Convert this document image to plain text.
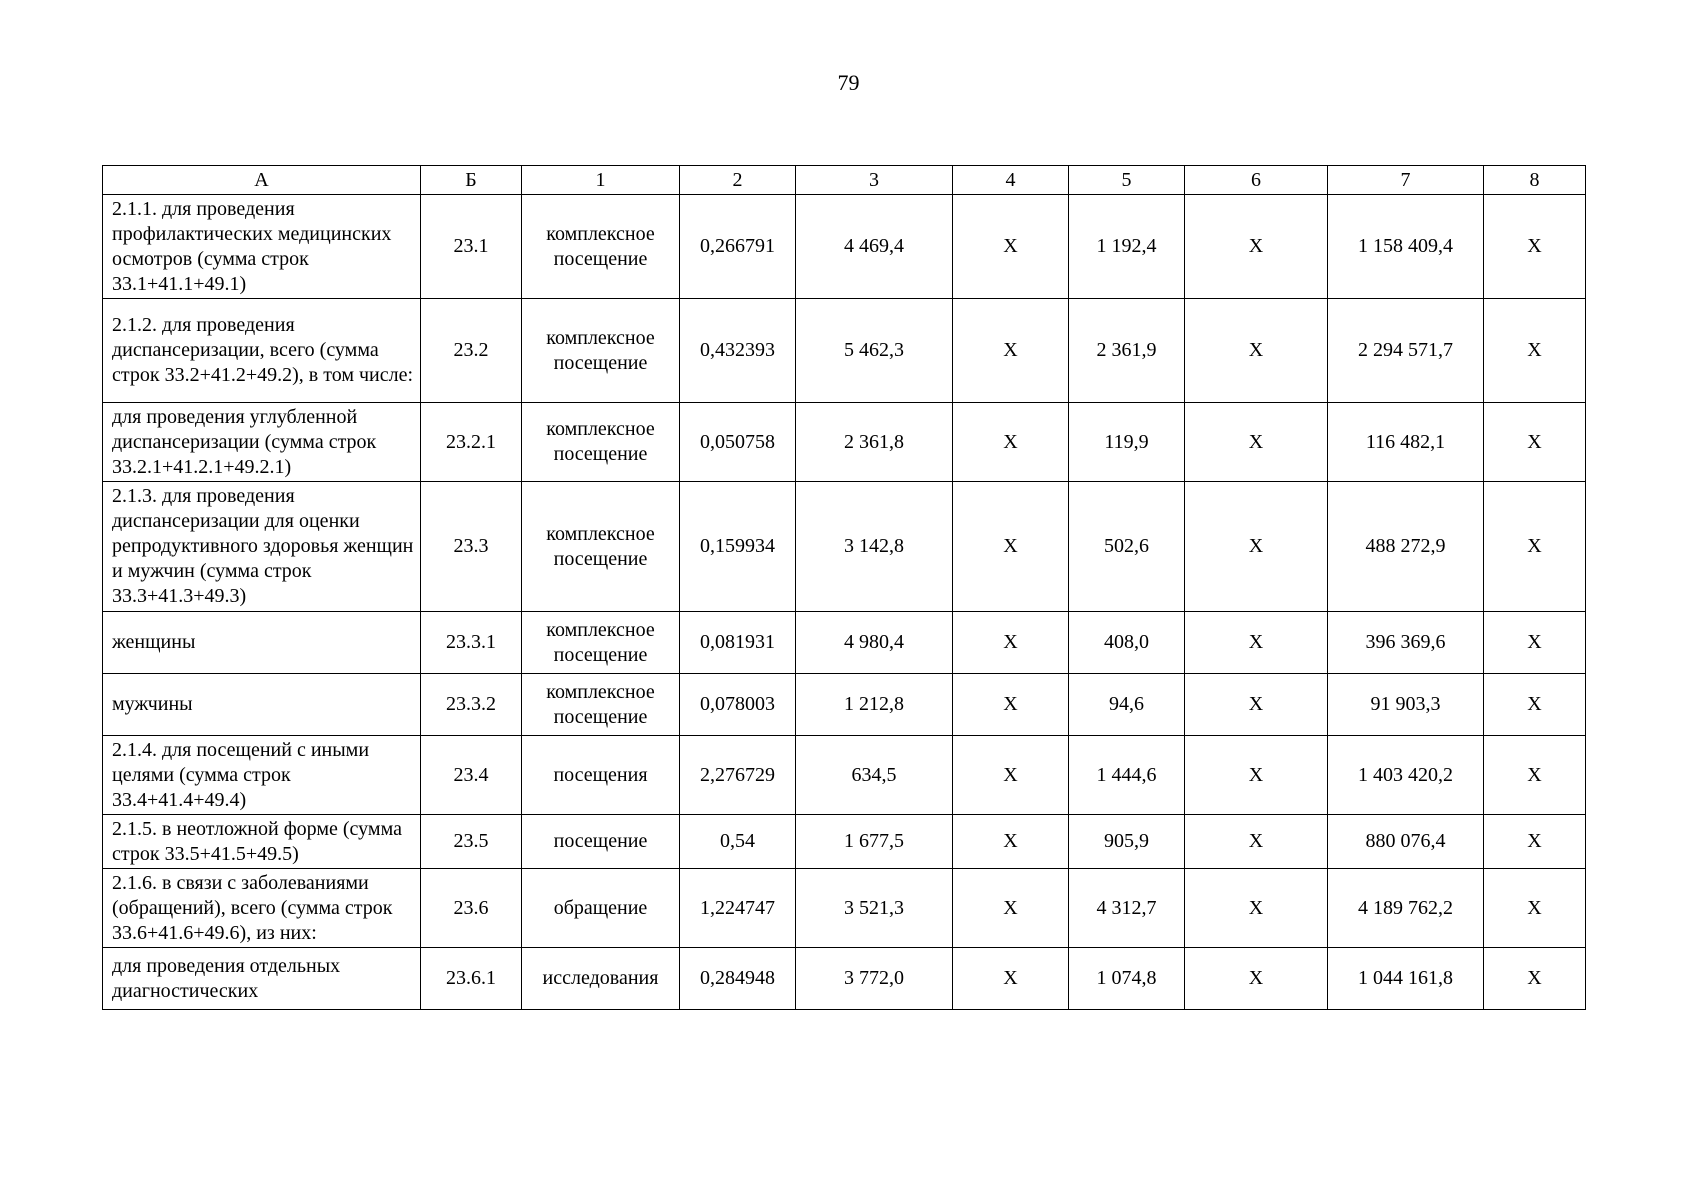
79
А	Б	1	2	3	4	5	6	7	8
2.1.1. для проведения профилактических медицинских осмотров (сумма строк 33.1+41.1+49.1)	23.1	комплексное посещение	0,266791	4 469,4	Х	1 192,4	Х	1 158 409,4	Х
2.1.2. для проведения диспансеризации, всего (сумма строк 33.2+41.2+49.2), в том числе:	23.2	комплексное посещение	0,432393	5 462,3	Х	2 361,9	Х	2 294 571,7	Х
для проведения углубленной диспансеризации (сумма строк 33.2.1+41.2.1+49.2.1)	23.2.1	комплексное посещение	0,050758	2 361,8	Х	119,9	Х	116 482,1	Х
2.1.3. для проведения диспансеризации для оценки репродуктивного здоровья женщин и мужчин (сумма строк 33.3+41.3+49.3)	23.3	комплексное посещение	0,159934	3 142,8	Х	502,6	Х	488 272,9	Х
женщины	23.3.1	комплексное посещение	0,081931	4 980,4	Х	408,0	Х	396 369,6	Х
мужчины	23.3.2	комплексное посещение	0,078003	1 212,8	Х	94,6	Х	91 903,3	Х
2.1.4. для посещений с иными целями (сумма строк 33.4+41.4+49.4)	23.4	посещения	2,276729	634,5	Х	1 444,6	Х	1 403 420,2	Х
2.1.5. в неотложной форме (сумма строк 33.5+41.5+49.5)	23.5	посещение	0,54	1 677,5	Х	905,9	Х	880 076,4	Х
2.1.6. в связи с заболеваниями (обращений), всего (сумма строк 33.6+41.6+49.6), из них:	23.6	обращение	1,224747	3 521,3	Х	4 312,7	Х	4 189 762,2	Х
для проведения отдельных диагностических	23.6.1	исследования	0,284948	3 772,0	Х	1 074,8	Х	1 044 161,8	Х
